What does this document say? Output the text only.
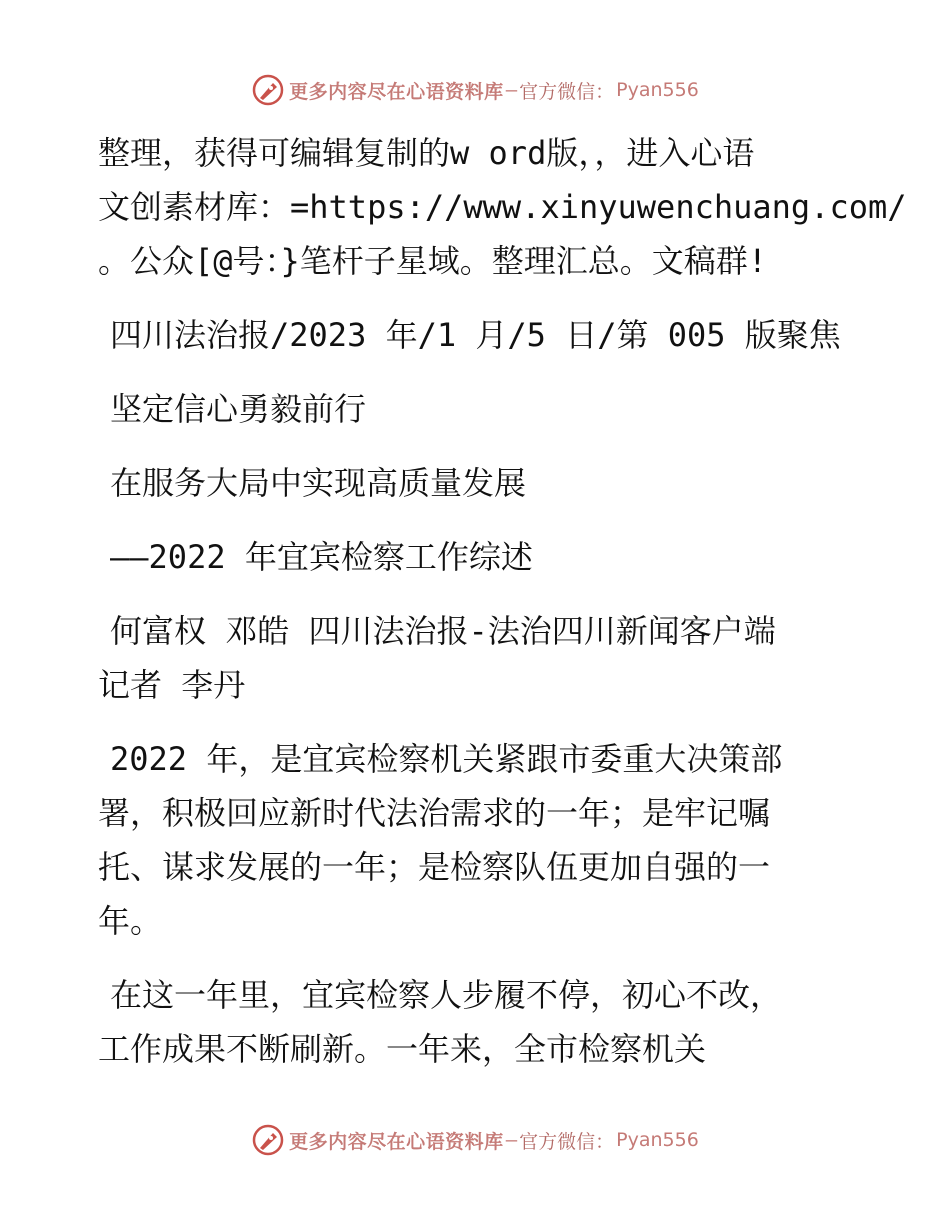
更多内容尽在心语资料库 — 官方微信： Pyan556
整理，获得可编辑复制的w ord版，，进入心语
文创素材库：=https://www.xinyuwenchuang.com/
。公众[@号：}笔杆子星域。整理汇总。文稿群!
四川法治报/2023 年/1 月/5 日/第 005 版聚焦
坚定信心勇毅前行
在服务大局中实现高质量发展
——2022 年宜宾检察工作综述
何富权 邓皓 四川法治报-法治四川新闻客户端
记者 李丹
2022 年，是宜宾检察机关紧跟市委重大决策部
署，积极回应新时代法治需求的一年；是牢记嘱
托、谋求发展的一年；是检察队伍更加自强的一
年。
在这一年里，宜宾检察人步履不停，初心不改，
工作成果不断刷新。一年来，全市检察机关
更多内容尽在心语资料库 — 官方微信： Pyan556
